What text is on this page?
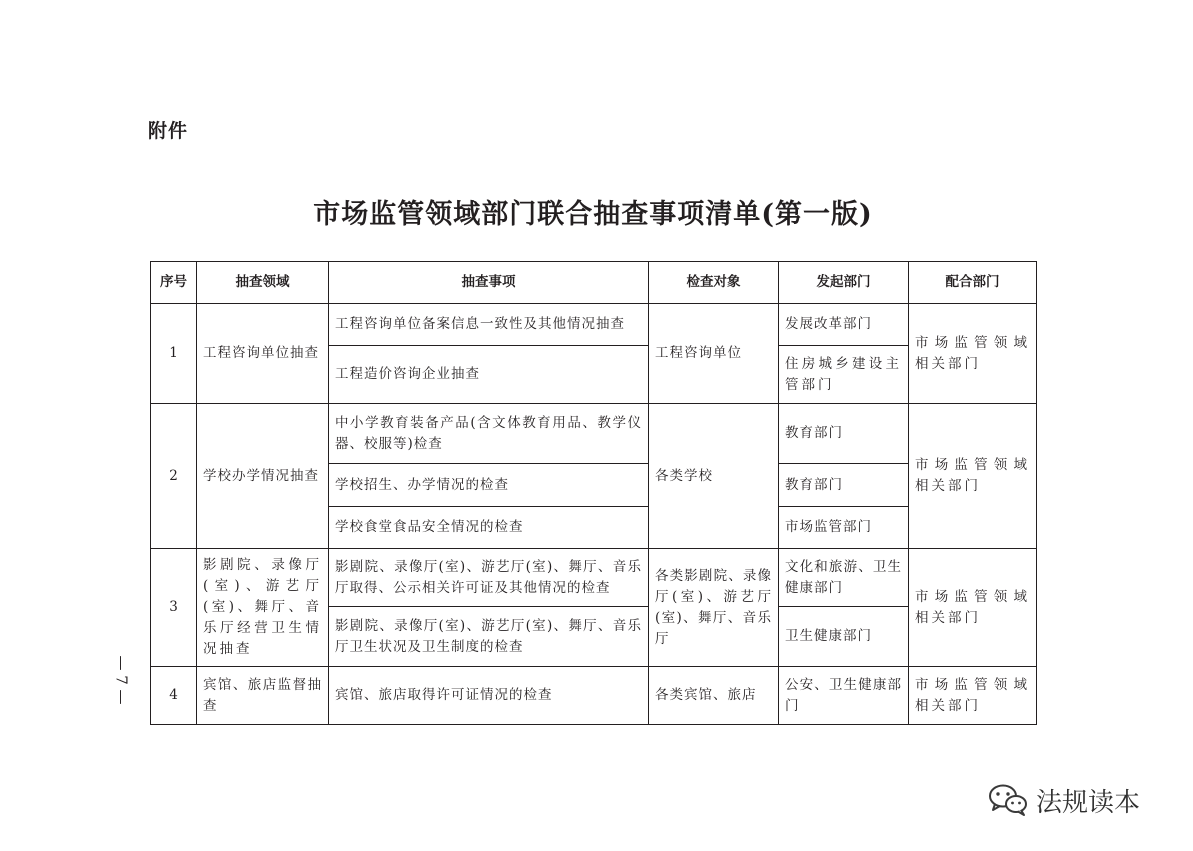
附件
市场监管领域部门联合抽查事项清单(第一版)
序号	抽查领域	抽查事项	检查对象	发起部门	配合部门
1	工程咨询单位抽查	工程咨询单位备案信息一致性及其他情况抽查	工程咨询单位	发展改革部门	市场监管领域相关部门
		工程造价咨询企业抽查		住房城乡建设主管部门	
2	学校办学情况抽查	中小学教育装备产品(含文体教育用品、教学仪器、校服等)检查	各类学校	教育部门	市场监管领域相关部门
		学校招生、办学情况的检查		教育部门	
		学校食堂食品安全情况的检查		市场监管部门	
3	影剧院、录像厅(室)、游艺厅(室)、舞厅、音乐厅经营卫生情况抽查	影剧院、录像厅(室)、游艺厅(室)、舞厅、音乐厅取得、公示相关许可证及其他情况的检查	各类影剧院、录像厅(室)、游艺厅(室)、舞厅、音乐厅	文化和旅游、卫生健康部门	市场监管领域相关部门
		影剧院、录像厅(室)、游艺厅(室)、舞厅、音乐厅卫生状况及卫生制度的检查		卫生健康部门	
4	宾馆、旅店监督抽查	宾馆、旅店取得许可证情况的检查	各类宾馆、旅店	公安、卫生健康部门	市场监管领域相关部门
— 7 —
法规读本
